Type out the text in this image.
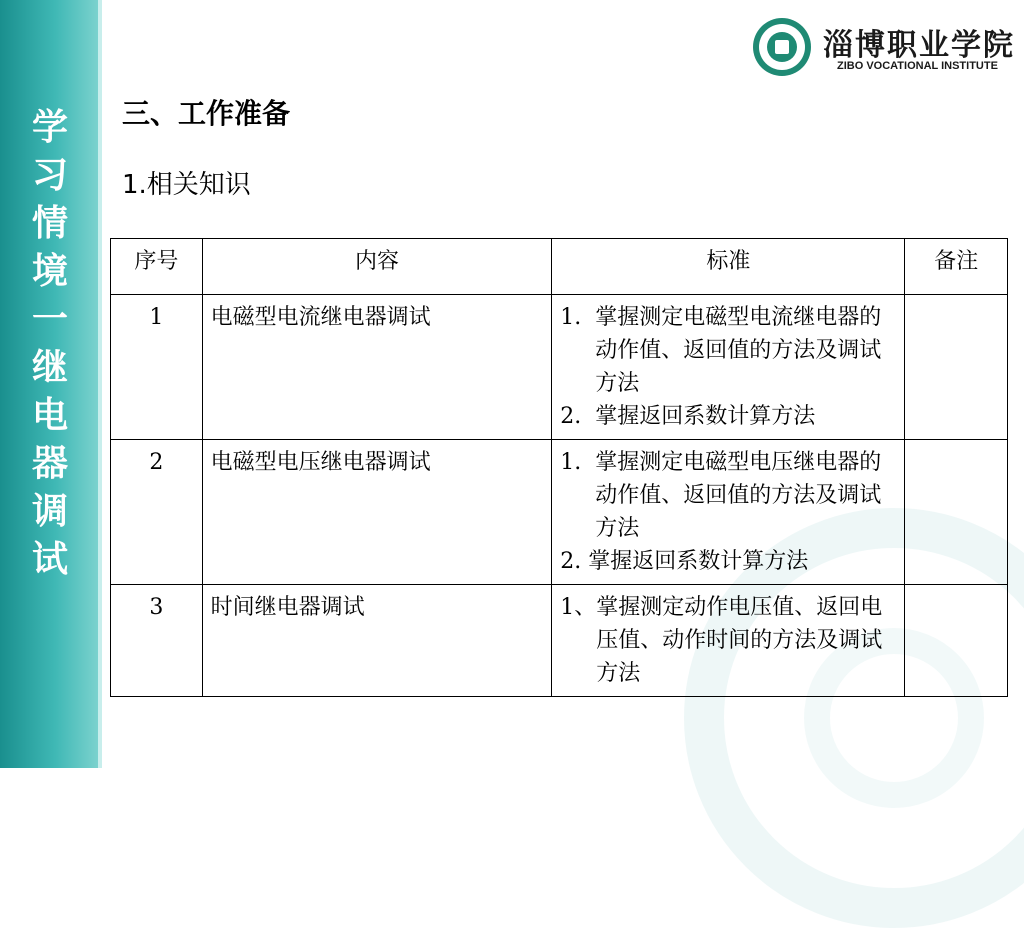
学
习
情
境
一
继
电
器
调
试
淄博职业学院
ZIBO VOCATIONAL INSTITUTE
三、工作准备
1.相关知识
序号	内容	标准	备注
1	电磁型电流继电器调试	1. 掌握测定电磁型电流继电器的动作值、返回值的方法及调试方法
2. 掌握返回系数计算方法	

2	电磁型电压继电器调试	1. 掌握测定电磁型电压继电器的动作值、返回值的方法及调试方法
2. 掌握返回系数计算方法	

3	时间继电器调试	1、 掌握测定动作电压值、返回电压值、动作时间的方法及调试方法	
